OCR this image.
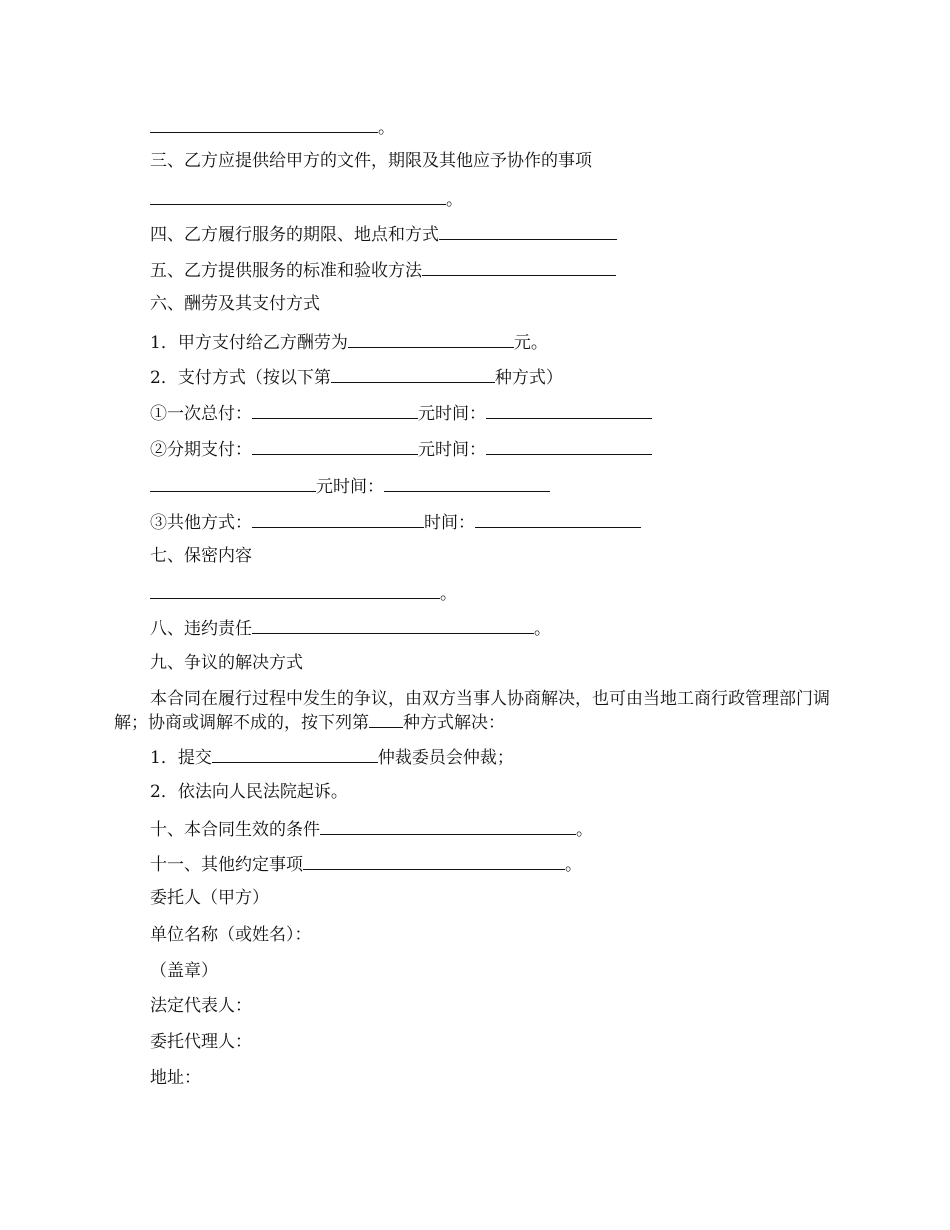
。
三、乙方应提供给甲方的文件，期限及其他应予协作的事项
。
四、乙方履行服务的期限、地点和方式
五、乙方提供服务的标准和验收方法
六、酬劳及其支付方式
1．甲方支付给乙方酬劳为	元。
2．支付方式（按以下第	种方式）
①一次总付：	元时间：
②分期支付：	元时间：
元时间：
③共他方式：	时间：
七、保密内容
。
八、违约责任	。
九、争议的解决方式
本合同在履行过程中发生的争议，由双方当事人协商解决，也可由当地工商行政管理部门调解；协商或调解不成的，按下列第 种方式解决：
1．提交	仲裁委员会仲裁；
2．依法向人民法院起诉。
十、本合同生效的条件	。
十一、其他约定事项	。
委托人（甲方）
单位名称（或姓名）：
（盖章）
法定代表人：
委托代理人：
地址：
